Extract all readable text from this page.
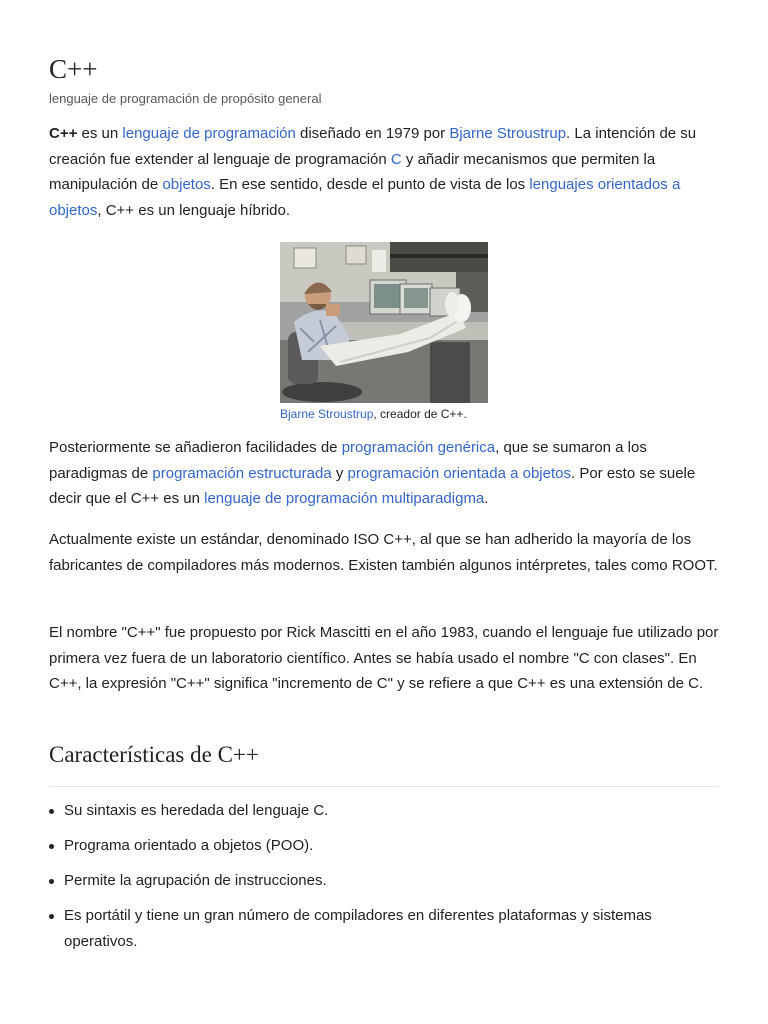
C++
lenguaje de programación de propósito general

C++ es un lenguaje de programación diseñado en 1979 por Bjarne Stroustrup. La intención de su creación fue extender al lenguaje de programación C y añadir mecanismos que permiten la manipulación de objetos. En ese sentido, desde el punto de vista de los lenguajes orientados a objetos, C++ es un lenguaje híbrido.

Bjarne Stroustrup, creador de C++.

Posteriormente se añadieron facilidades de programación genérica, que se sumaron a los paradigmas de programación estructurada y programación orientada a objetos. Por esto se suele decir que el C++ es un lenguaje de programación multiparadigma.

Actualmente existe un estándar, denominado ISO C++, al que se han adherido la mayoría de los fabricantes de compiladores más modernos. Existen también algunos intérpretes, tales como ROOT.

El nombre "C++" fue propuesto por Rick Mascitti en el año 1983, cuando el lenguaje fue utilizado por primera vez fuera de un laboratorio científico. Antes se había usado el nombre "C con clases". En C++, la expresión "C++" significa "incremento de C" y se refiere a que C++ es una extensión de C.

Características de C++
Su sintaxis es heredada del lenguaje C.
Programa orientado a objetos (POO).
Permite la agrupación de instrucciones.
Es portátil y tiene un gran número de compiladores en diferentes plataformas y sistemas operativos.
